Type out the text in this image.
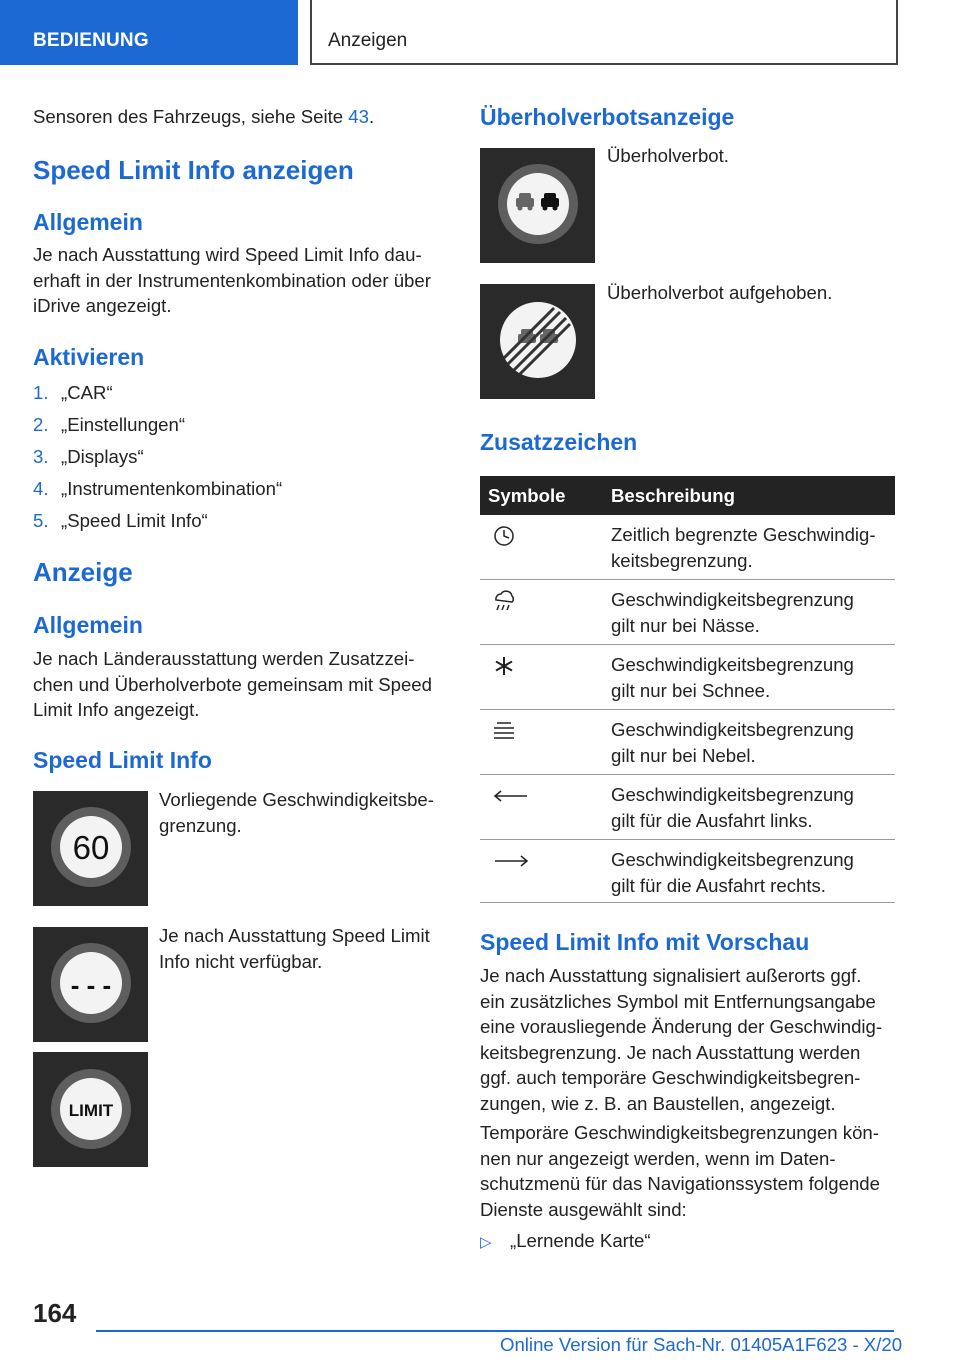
BEDIENUNG	Anzeigen
Sensoren des Fahrzeugs, siehe Seite 43.
Speed Limit Info anzeigen
Allgemein
Je nach Ausstattung wird Speed Limit Info dau-
erhaft in der Instrumentenkombination oder über
iDrive angezeigt.
Aktivieren
1. „CAR“
2. „Einstellungen“
3. „Displays“
4. „Instrumentenkombination“
5. „Speed Limit Info“
Anzeige
Allgemein
Je nach Länderausstattung werden Zusatzzei-
chen und Überholverbote gemeinsam mit Speed
Limit Info angezeigt.
Speed Limit Info
60
Vorliegende Geschwindigkeitsbe-
grenzung.
- - -
Je nach Ausstattung Speed Limit
Info nicht verfügbar.
LIMIT
Überholverbotsanzeige
Überholverbot.
Überholverbot aufgehoben.
Zusatzzeichen
Symbole Beschreibung
Zeitlich begrenzte Geschwindig-
keitsbegrenzung.
Geschwindigkeitsbegrenzung
gilt nur bei Nässe.
Geschwindigkeitsbegrenzung
gilt nur bei Schnee.
Geschwindigkeitsbegrenzung
gilt nur bei Nebel.
Geschwindigkeitsbegrenzung
gilt für die Ausfahrt links.
Geschwindigkeitsbegrenzung
gilt für die Ausfahrt rechts.
Speed Limit Info mit Vorschau
Je nach Ausstattung signalisiert außerorts ggf.
ein zusätzliches Symbol mit Entfernungsangabe
eine vorausliegende Änderung der Geschwindig-
keitsbegrenzung. Je nach Ausstattung werden
ggf. auch temporäre Geschwindigkeitsbegren-
zungen, wie z. B. an Baustellen, angezeigt.
Temporäre Geschwindigkeitsbegrenzungen kön-
nen nur angezeigt werden, wenn im Daten-
schutzmenü für das Navigationssystem folgende
Dienste ausgewählt sind:
▷ „Lernende Karte“
164
Online Version für Sach-Nr. 01405A1F623 - X/20
